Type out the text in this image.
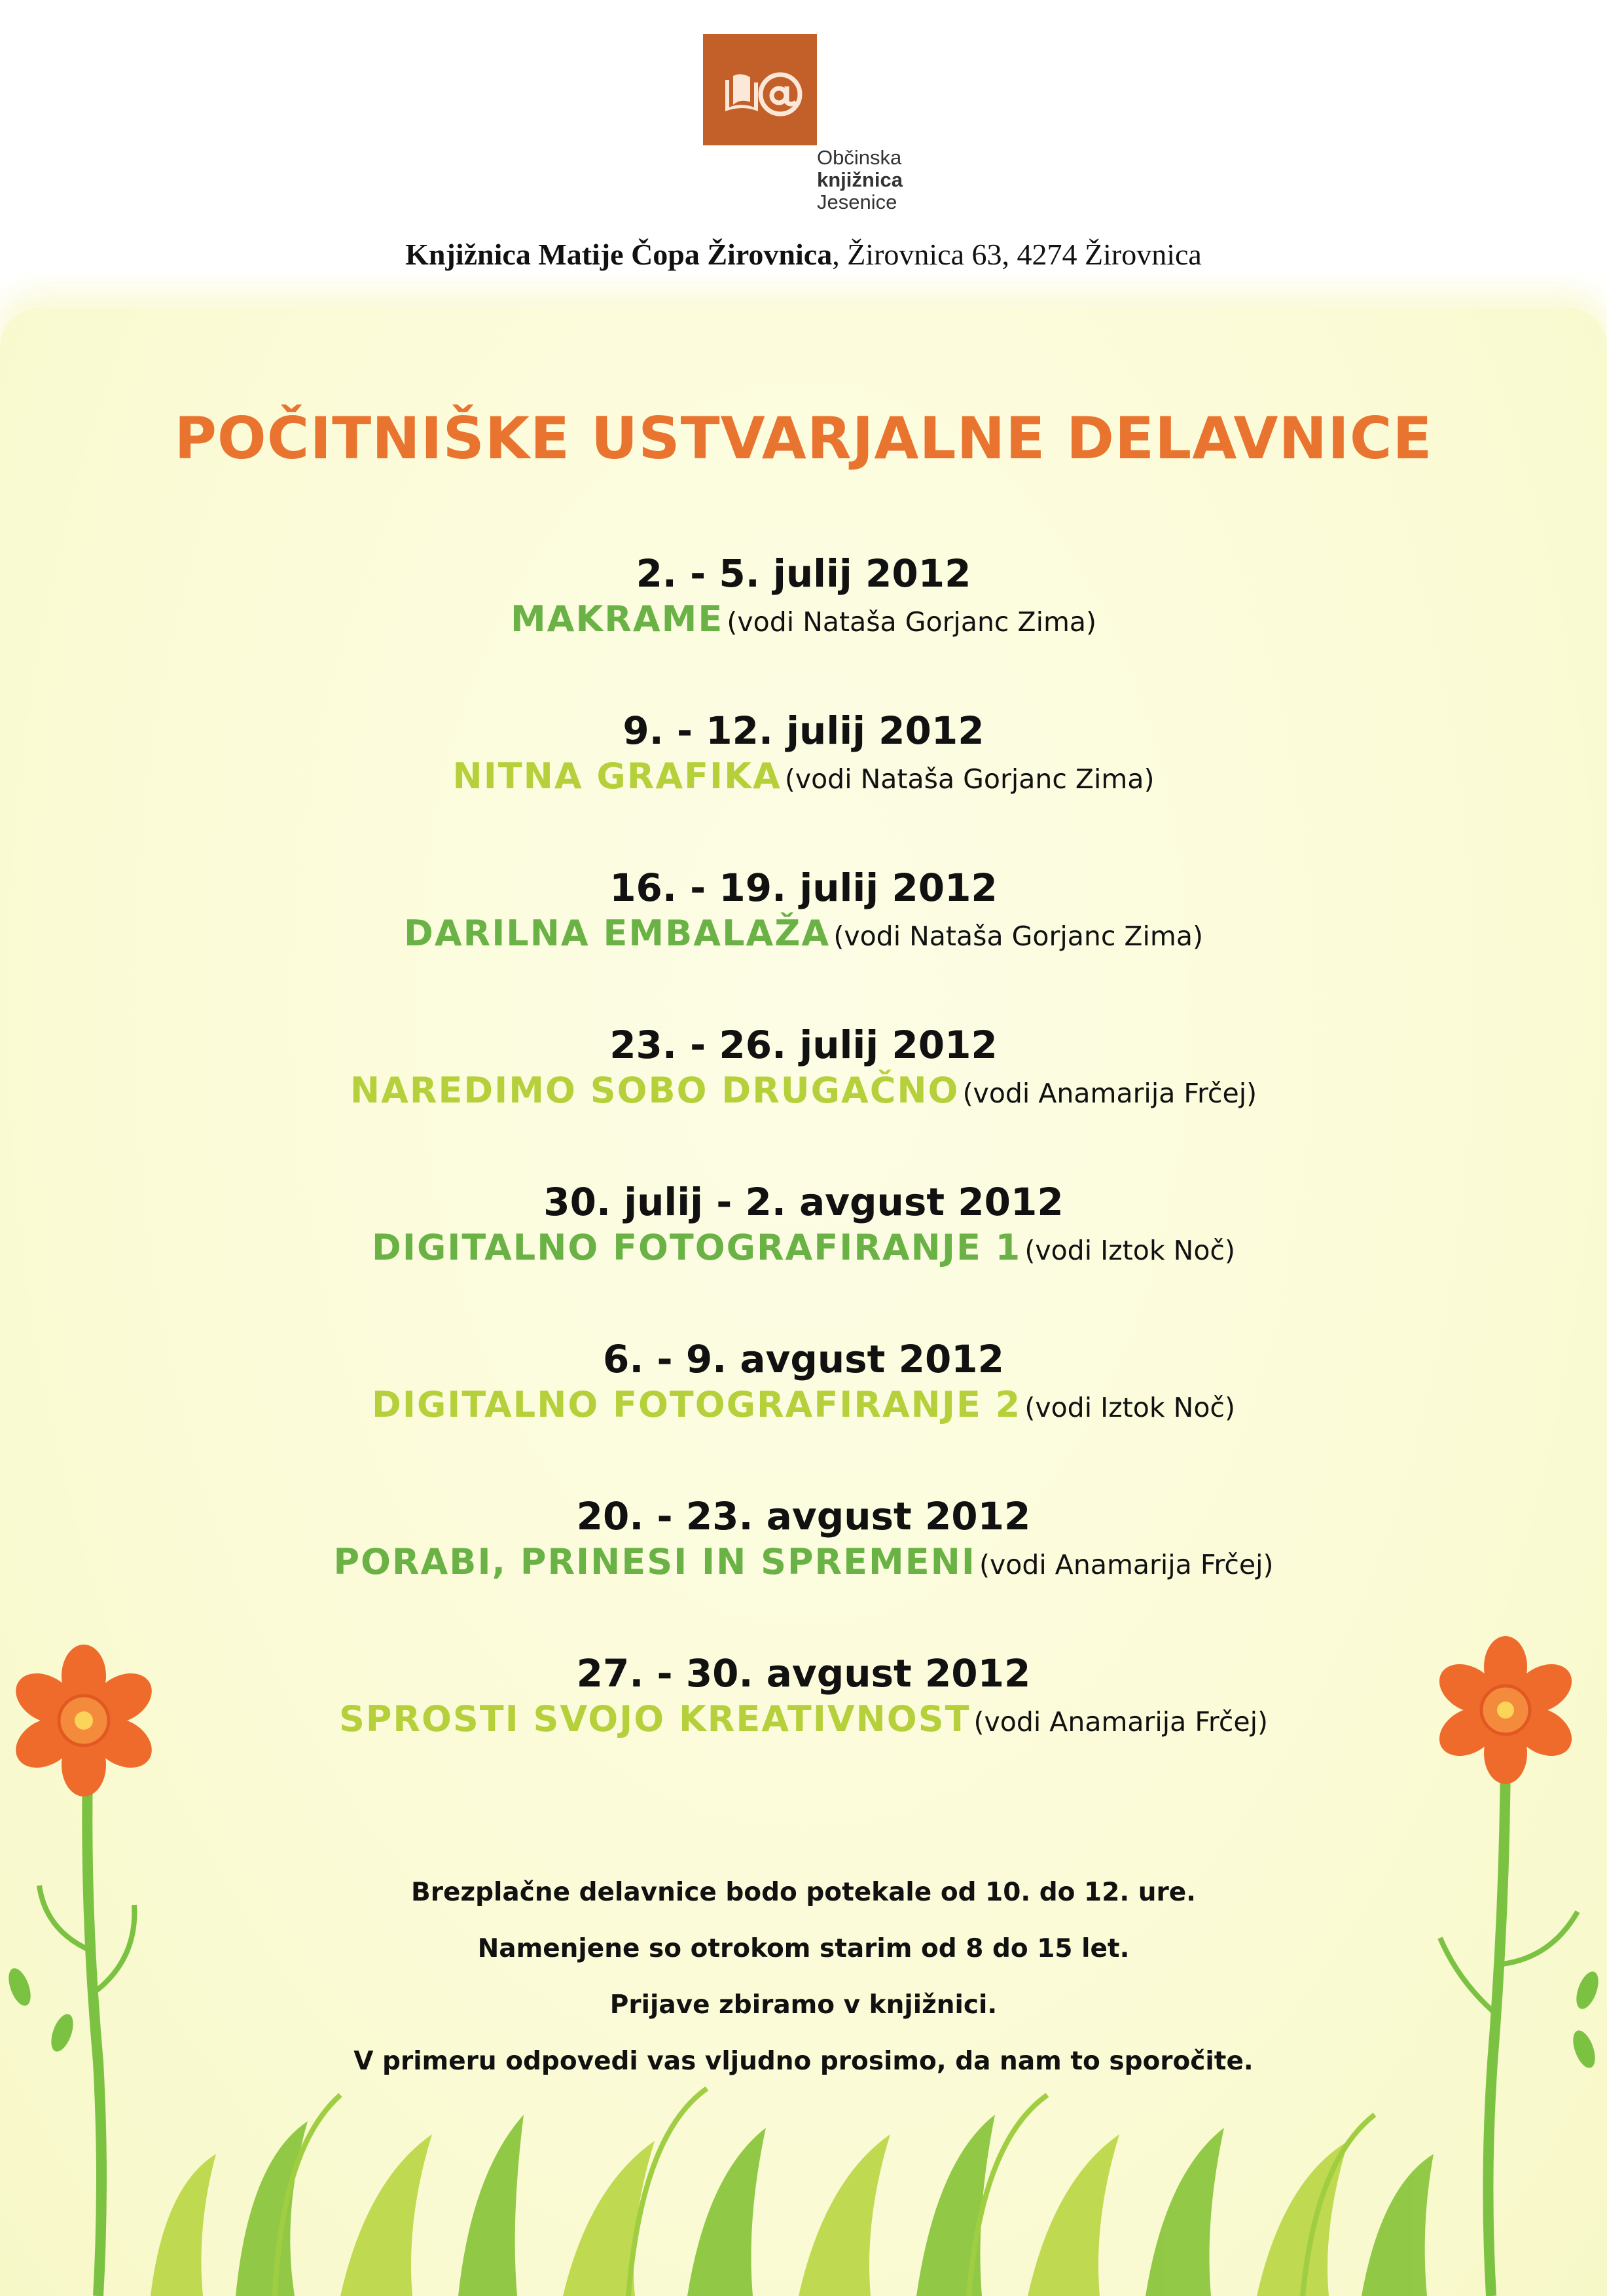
Občinska
knjižnica
Jesenice
Knjižnica Matije Čopa Žirovnica, Žirovnica 63, 4274 Žirovnica
POČITNIŠKE USTVARJALNE DELAVNICE
2. - 5. julij 2012
MAKRAME (vodi Nataša Gorjanc Zima)
9. - 12. julij 2012
NITNA GRAFIKA (vodi Nataša Gorjanc Zima)
16. - 19. julij 2012
DARILNA EMBALAŽA (vodi Nataša Gorjanc Zima)
23. - 26. julij 2012
NAREDIMO SOBO DRUGAČNO (vodi Anamarija Frčej)
30. julij - 2. avgust 2012
DIGITALNO FOTOGRAFIRANJE 1 (vodi Iztok Noč)
6. - 9. avgust 2012
DIGITALNO FOTOGRAFIRANJE 2 (vodi Iztok Noč)
20. - 23. avgust 2012
PORABI, PRINESI IN SPREMENI (vodi Anamarija Frčej)
27. - 30. avgust 2012
SPROSTI SVOJO KREATIVNOST (vodi Anamarija Frčej)
Brezplačne delavnice bodo potekale od 10. do 12. ure.
Namenjene so otrokom starim od 8 do 15 let.
Prijave zbiramo v knjižnici.
V primeru odpovedi vas vljudno prosimo, da nam to sporočite.
